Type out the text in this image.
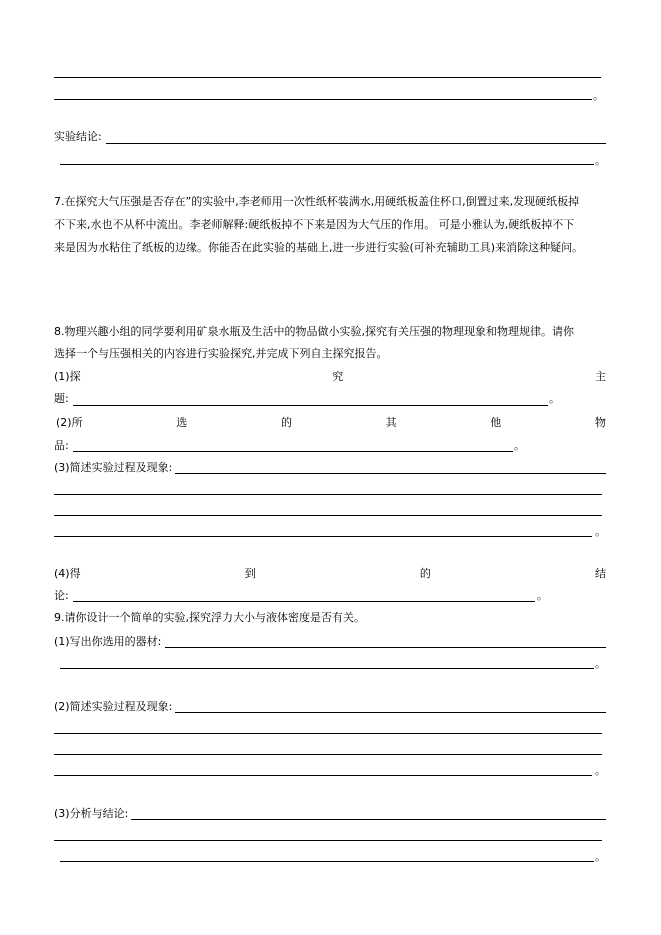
。
实验结论:
。
7.在探究大气压强是否存在”的实验中,李老师用一次性纸杯装满水,用硬纸板盖住杯口,倒置过来,发现硬纸板掉
不下来,水也不从杯中流出。李老师解释:硬纸板掉不下来是因为大气压的作用。 可是小雅认为,硬纸板掉不下
来是因为水粘住了纸板的边缘。你能否在此实验的基础上,进一步进行实验(可补充辅助工具)来消除这种疑问。
8.物理兴趣小组的同学要利用矿泉水瓶及生活中的物品做小实验,探究有关压强的物理现象和物理规律。请你
选择一个与压强相关的内容进行实验探究,并完成下列自主探究报告。
(1)探	究	主
题:	。
(2)所	选	的	其	他	物
品:	。
(3)简述实验过程及现象:
。
(4)得	到	的	结
论:	。
9.请你设计一个简单的实验,探究浮力大小与液体密度是否有关。
(1)写出你选用的器材:
。
(2)简述实验过程及现象:
。
(3)分析与结论:
。
